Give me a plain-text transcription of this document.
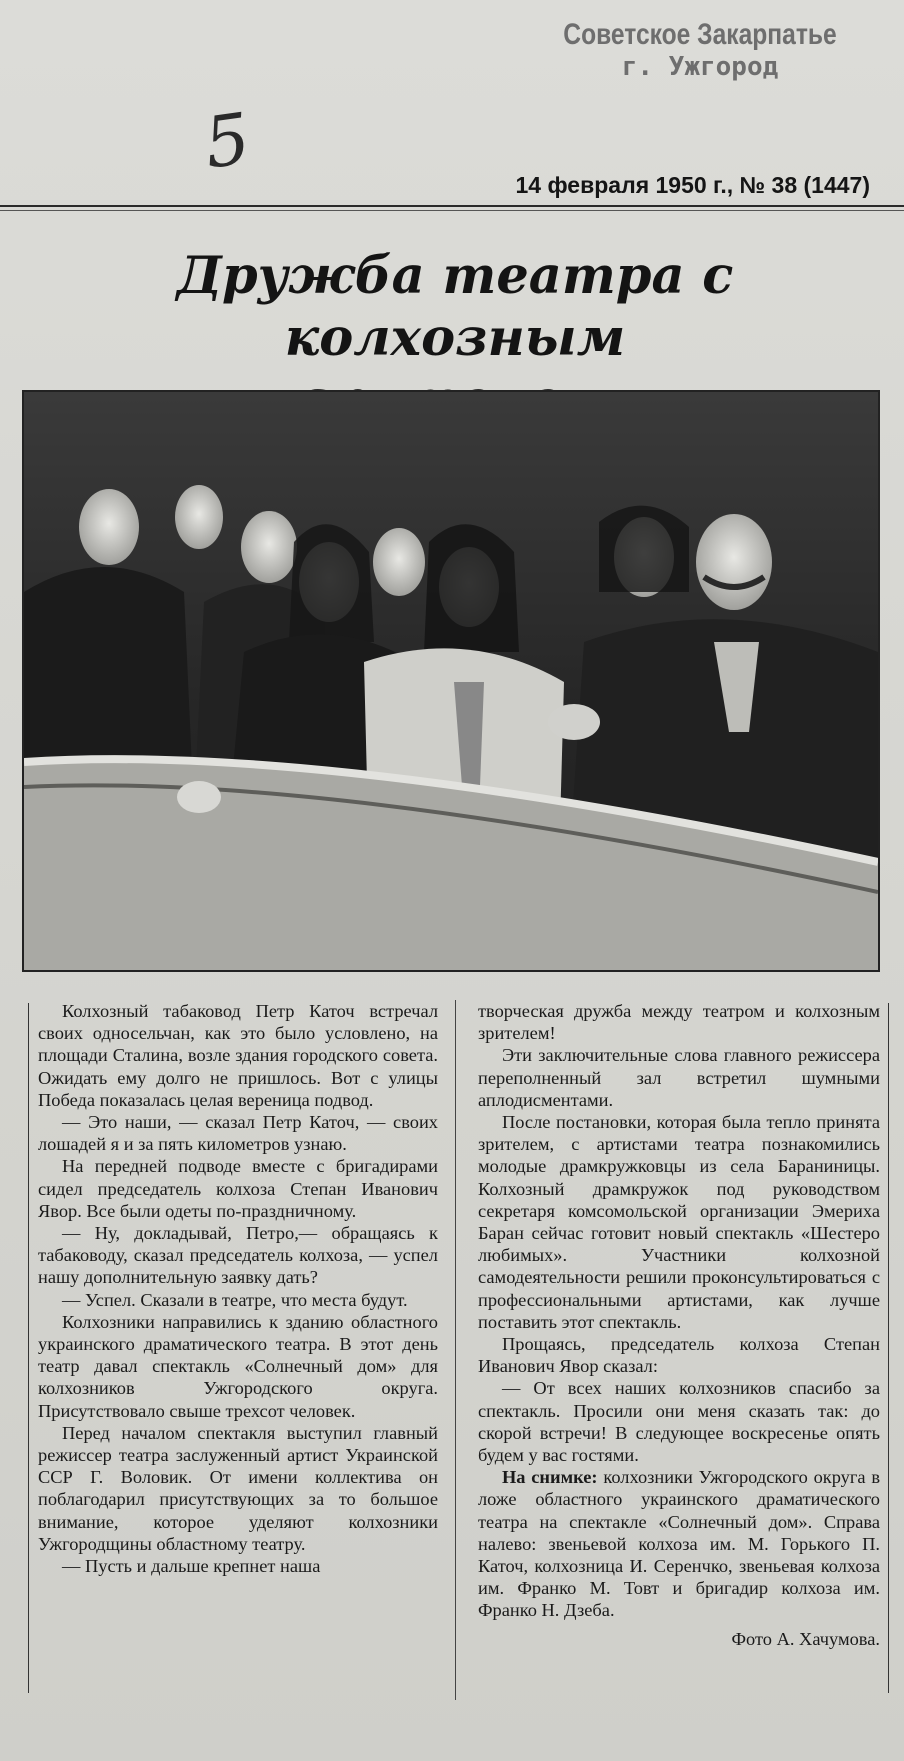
Советское Закарпатье
г. Ужгород
5
14 февраля 1950 г., № 38 (1447)
Дружба театра с колхозным

Колхозный табаковод Петр Каточ встречал своих односельчан, как это было условлено, на площади Сталина, возле здания городского совета. Ожидать ему долго не пришлось. Вот с улицы Победа показалась целая вереница подвод.

— Это наши, — сказал Петр Каточ, — своих лошадей я и за пять километров узнаю.

На передней подводе вместе с бригадирами сидел председатель колхоза Степан Иванович Явор. Все были одеты по-праздничному.

— Ну, докладывай, Петро,— обращаясь к табаководу, сказал председатель колхоза, — успел нашу дополнительную заявку дать?

— Успел. Сказали в театре, что места будут.

Колхозники направились к зданию областного украинского драматического театра. В этот день театр давал спектакль «Солнечный дом» для колхозников Ужгородского округа. Присутствовало свыше трехсот человек.

Перед началом спектакля выступил главный режиссер театра заслуженный артист Украинской ССР Г. Воловик. От имени коллектива он поблагодарил присутствующих за то большое внимание, которое уделяют колхозники Ужгородщины областному театру.

— Пусть и дальше крепнет наша

творческая дружба между театром и колхозным зрителем!

Эти заключительные слова главного режиссера переполненный зал встретил шумными аплодисментами.

После постановки, которая была тепло принята зрителем, с артистами театра познакомились молодые драмкружковцы из села Бараниницы. Колхозный драмкружок под руководством секретаря комсомольской организации Эмериха Баран сейчас готовит новый спектакль «Шестеро любимых». Участники колхозной самодеятельности решили проконсультироваться с профессиональными артистами, как лучше поставить этот спектакль.

Прощаясь, председатель колхоза Степан Иванович Явор сказал:

— От всех наших колхозников спасибо за спектакль. Просили они меня сказать так: до скорой встречи! В следующее воскресенье опять будем у вас гостями.

На снимке: колхозники Ужгородского округа в ложе областного украинского драматического театра на спектакле «Солнечный дом». Справа налево: звеньевой колхоза им. М. Горького П. Каточ, колхозница И. Серенчко, звеньевая колхоза им. Франко М. Товт и бригадир колхоза им. Франко Н. Дзеба.

Фото А. Хачумова.
